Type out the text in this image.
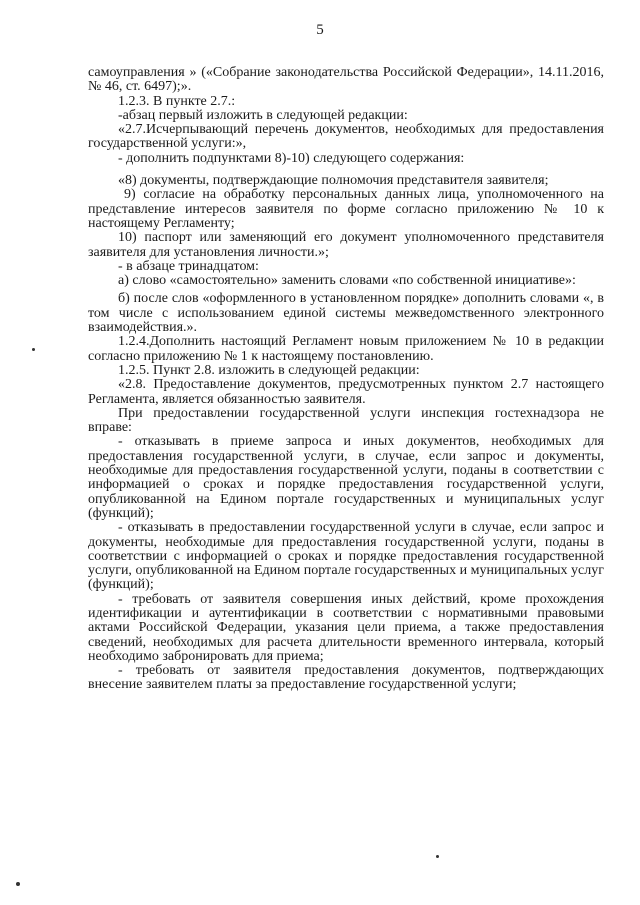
5

самоуправления » («Собрание законодательства Российской Федерации», 14.11.2016, № 46, ст. 6497);».

1.2.3. В пункте 2.7.:

-абзац первый изложить в следующей редакции:

«2.7.Исчерпывающий перечень документов, необходимых для предоставления государственной услуги:»,

- дополнить подпунктами 8)-10) следующего содержания:

«8) документы, подтверждающие полномочия представителя заявителя;

9) согласие на обработку персональных данных лица, уполномоченного на представление интересов заявителя по форме согласно приложению № 10 к настоящему Регламенту;

10) паспорт или заменяющий его документ уполномоченного представителя заявителя для установления личности.»;

- в абзаце тринадцатом:

а) слово «самостоятельно» заменить словами «по собственной инициативе»:

б) после слов «оформленного в установленном порядке» дополнить словами «, в том числе с использованием единой системы межведомственного электронного взаимодействия.».

1.2.4.Дополнить настоящий Регламент новым приложением № 10 в редакции согласно приложению № 1 к настоящему постановлению.

1.2.5. Пункт 2.8. изложить в следующей редакции:

«2.8. Предоставление документов, предусмотренных пунктом 2.7 настоящего Регламента, является обязанностью заявителя.

При предоставлении государственной услуги инспекция гостехнадзора не вправе:

- отказывать в приеме запроса и иных документов, необходимых для предоставления государственной услуги, в случае, если запрос и документы, необходимые для предоставления государственной услуги, поданы в соответствии с информацией о сроках и порядке предоставления государственной услуги, опубликованной на Едином портале государственных и муниципальных услуг (функций);

- отказывать в предоставлении государственной услуги в случае, если запрос и документы, необходимые для предоставления государственной услуги, поданы в соответствии с информацией о сроках и порядке предоставления государственной услуги, опубликованной на Едином портале государственных и муниципальных услуг (функций);

- требовать от заявителя совершения иных действий, кроме прохождения идентификации и аутентификации в соответствии с нормативными правовыми актами Российской Федерации, указания цели приема, а также предоставления сведений, необходимых для расчета длительности временного интервала, который необходимо забронировать для приема;

- требовать от заявителя предоставления документов, подтверждающих внесение заявителем платы за предоставление государственной услуги;
